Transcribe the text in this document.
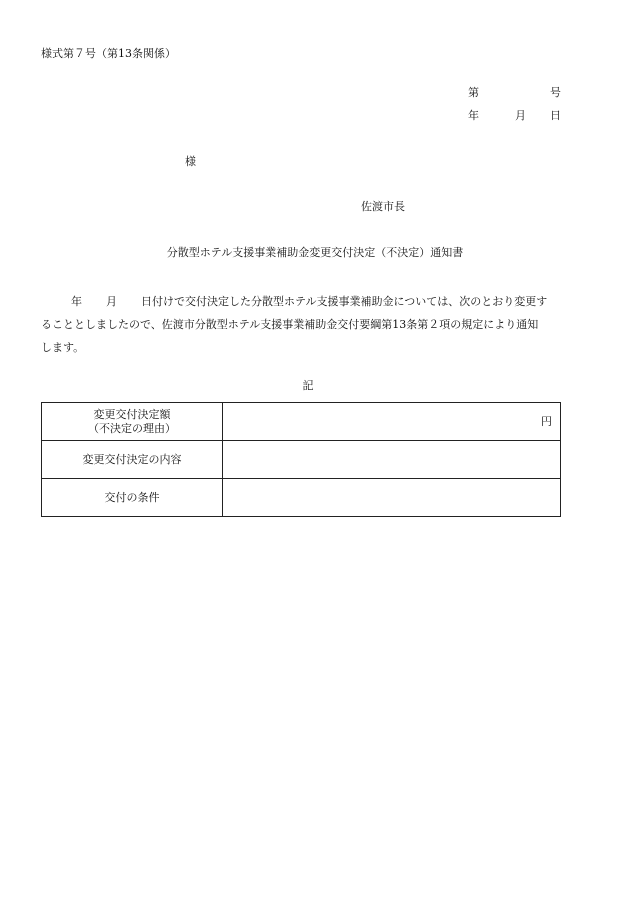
様式第７号（第13条関係）
第	号
年	月 日
様
佐渡市長
分散型ホテル支援事業補助金変更交付決定（不決定）通知書
年 月 日付けで交付決定した分散型ホテル支援事業補助金については、次のとおり変更す
ることとしましたので、佐渡市分散型ホテル支援事業補助金交付要綱第13条第２項の規定により通知
します。
記
変更交付決定額
（不決定の理由）	円
変更交付決定の内容	
交付の条件	
